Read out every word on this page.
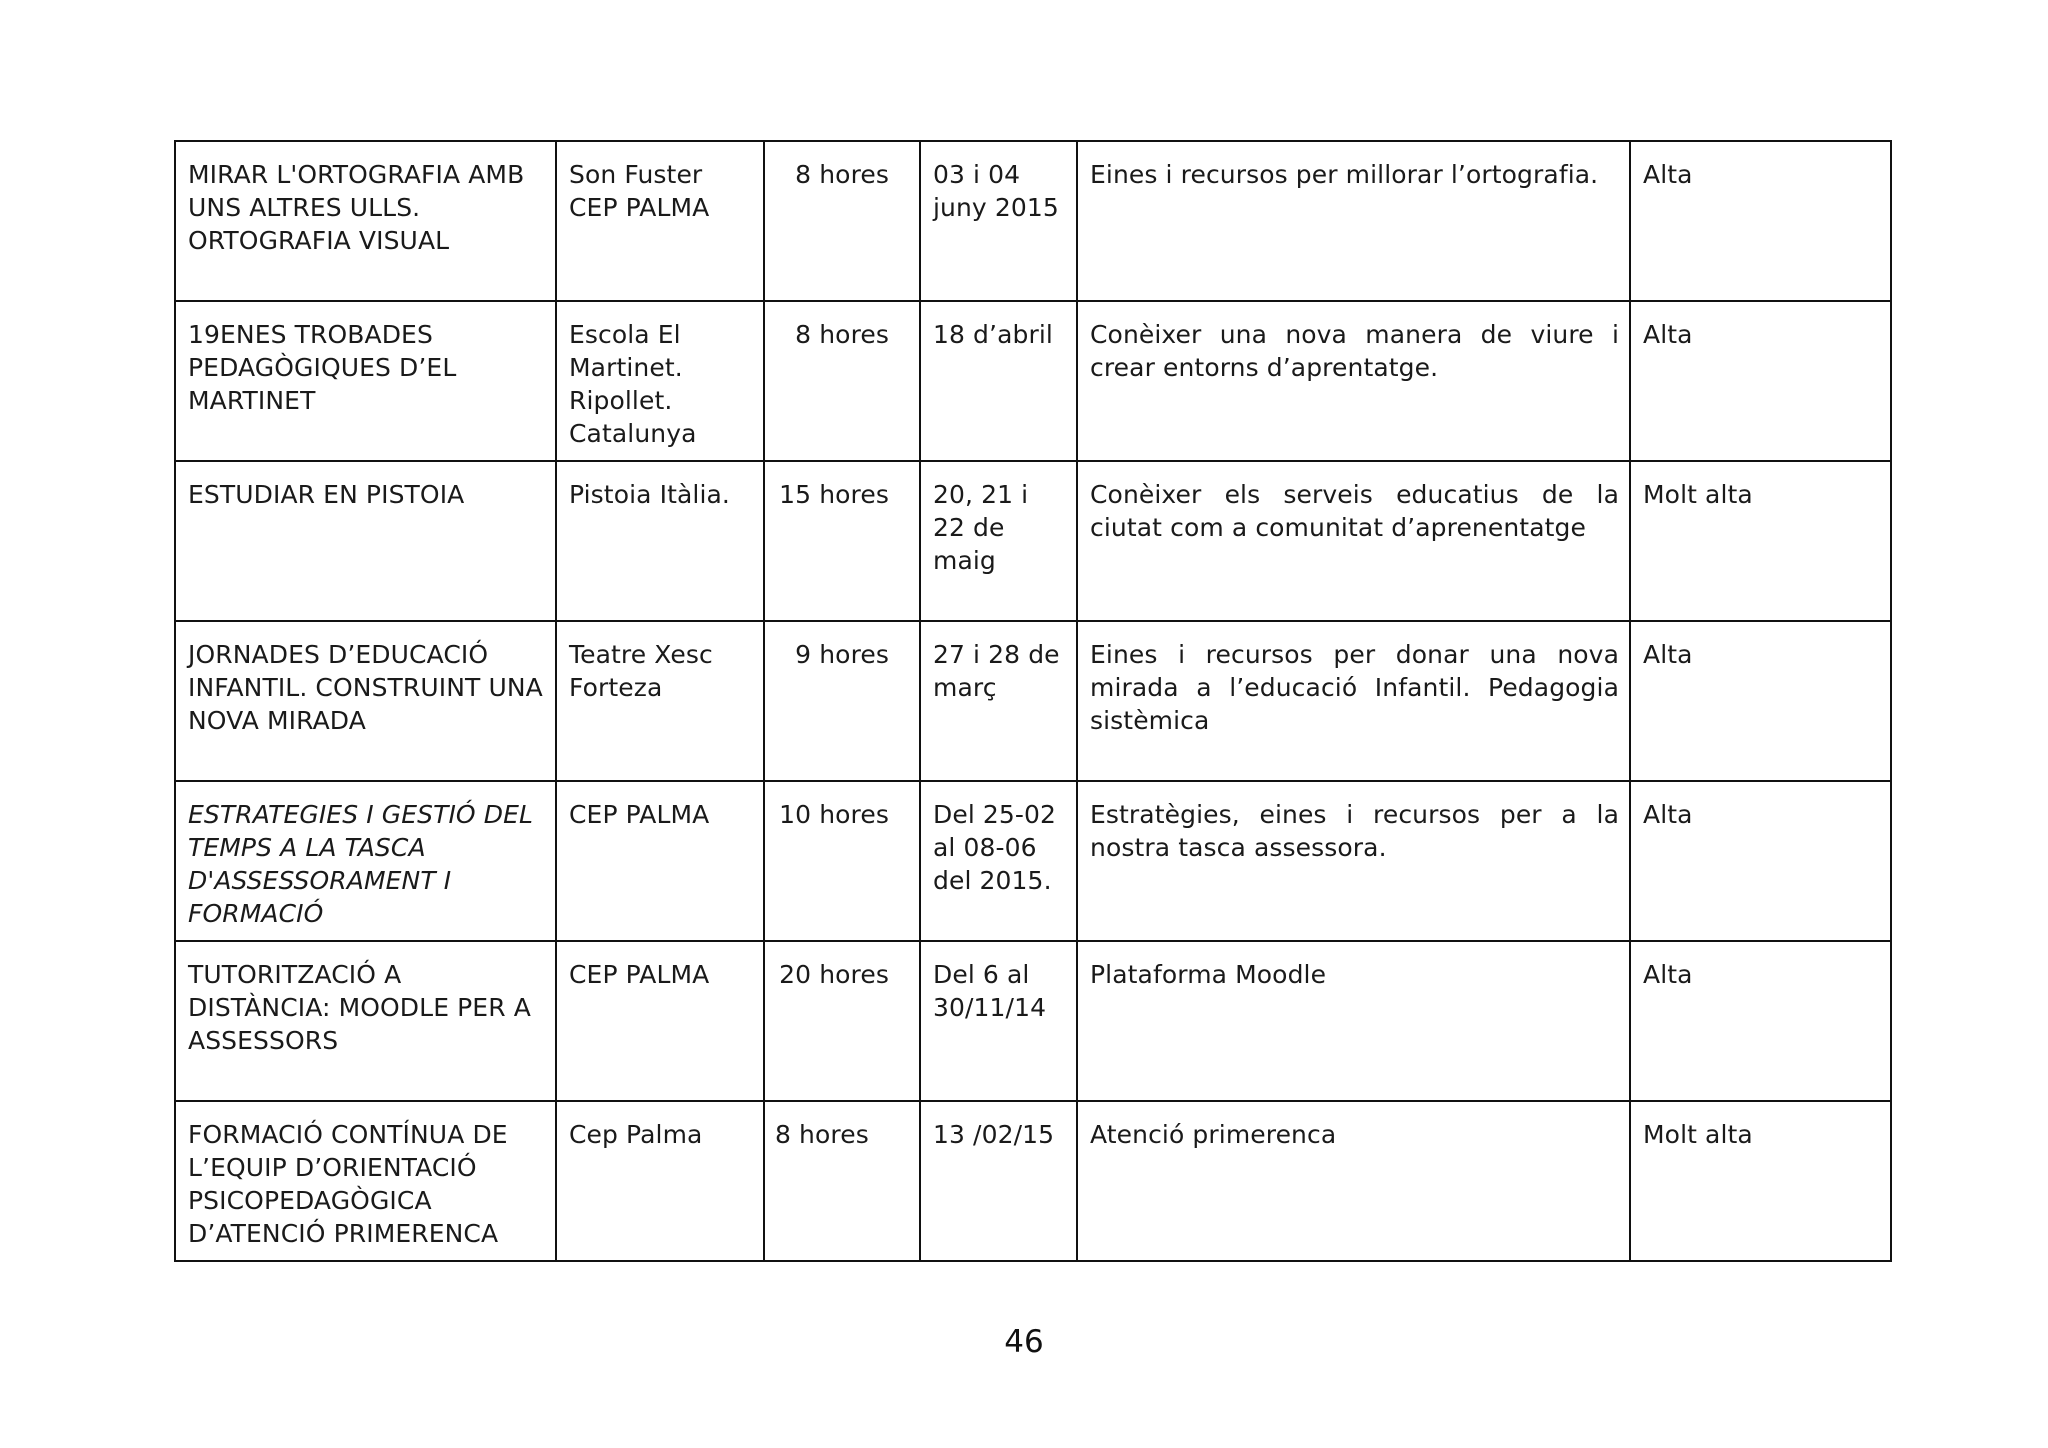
MIRAR L'ORTOGRAFIA AMB UNS ALTRES ULLS. ORTOGRAFIA VISUAL	Son Fuster CEP PALMA	8 hores	03 i 04 juny 2015	Eines i recursos per millorar l’ortografia.	Alta
19ENES TROBADES PEDAGÒGIQUES D’EL MARTINET	Escola El Martinet. Ripollet. Catalunya	8 hores	18 d’abril	Conèixer una nova manera de viure i crear entorns d’aprentatge.	Alta
ESTUDIAR EN PISTOIA	Pistoia Itàlia.	15 hores	20, 21 i 22 de maig	Conèixer els serveis educatius de la ciutat com a comunitat d’aprenentatge	Molt alta
JORNADES D’EDUCACIÓ INFANTIL. CONSTRUINT UNA NOVA MIRADA	Teatre Xesc Forteza	9 hores	27 i 28 de març	Eines i recursos per donar una nova mirada a l’educació Infantil. Pedagogia sistèmica	Alta
ESTRATEGIES I GESTIÓ DEL TEMPS A LA TASCA D'ASSESSORAMENT I FORMACIÓ	CEP PALMA	10 hores	Del 25-02 al 08-06 del 2015.	Estratègies, eines i recursos per a la nostra tasca assessora.	Alta
TUTORITZACIÓ A DISTÀNCIA: MOODLE PER A ASSESSORS	CEP PALMA	20 hores	Del 6 al 30/11/14	Plataforma Moodle	Alta
FORMACIÓ CONTÍNUA DE L’EQUIP D’ORIENTACIÓ PSICOPEDAGÒGICA D’ATENCIÓ PRIMERENCA	Cep Palma	8 hores	13 /02/15	Atenció primerenca	Molt alta
46
